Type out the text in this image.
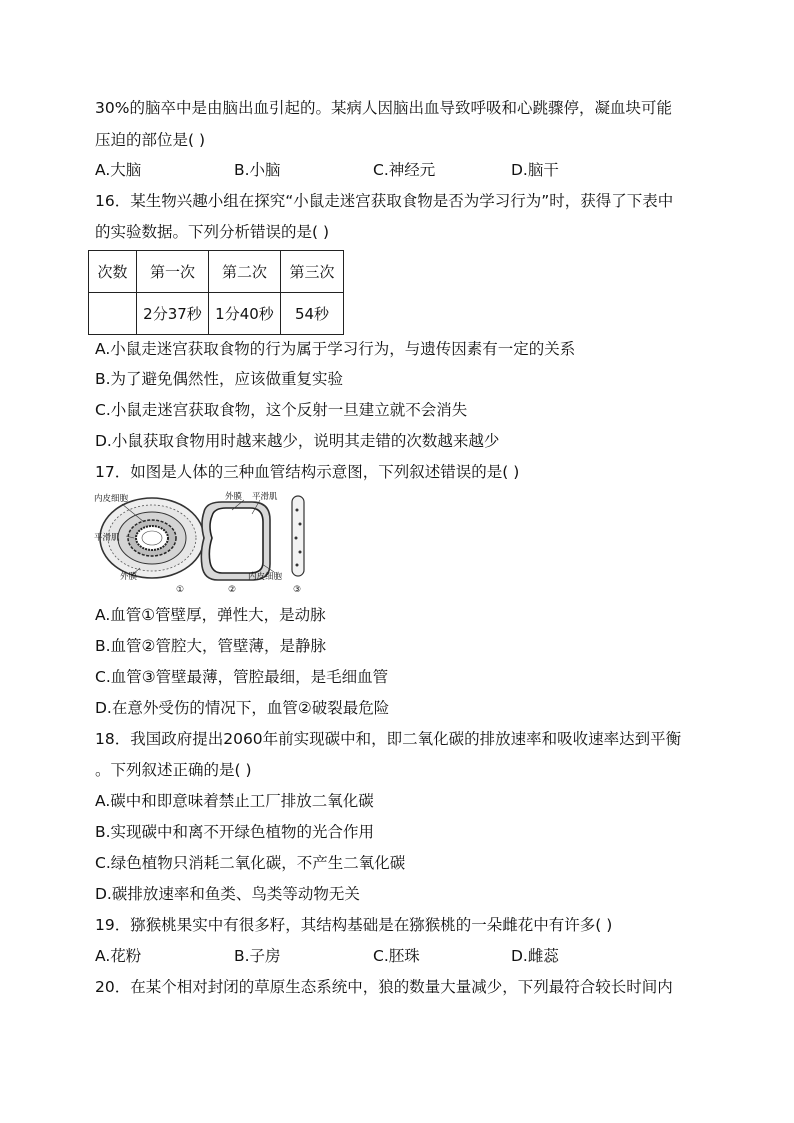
30%的脑卒中是由脑出血引起的。某病人因脑出血导致呼吸和心跳骤停，凝血块可能
压迫的部位是( )
A.大脑	B.小脑	C.神经元	D.脑干
16．某生物兴趣小组在探究“小鼠走迷宫获取食物是否为学习行为”时，获得了下表中
的实验数据。下列分析错误的是( )
次数	第一次	第二次	第三次
	2分37秒	1分40秒	54秒
A.小鼠走迷宫获取食物的行为属于学习行为，与遗传因素有一定的关系
B.为了避免偶然性，应该做重复实验
C.小鼠走迷宫获取食物，这个反射一旦建立就不会消失
D.小鼠获取食物用时越来越少，说明其走错的次数越来越少
17．如图是人体的三种血管结构示意图，下列叙述错误的是( )
内皮细胞	外膜 平滑肌
平滑肌
外膜	内皮细胞
①	②	③
A.血管①管壁厚，弹性大，是动脉
B.血管②管腔大，管壁薄，是静脉
C.血管③管壁最薄，管腔最细，是毛细血管
D.在意外受伤的情况下，血管②破裂最危险
18．我国政府提出2060年前实现碳中和，即二氧化碳的排放速率和吸收速率达到平衡
。下列叙述正确的是( )
A.碳中和即意味着禁止工厂排放二氧化碳
B.实现碳中和离不开绿色植物的光合作用
C.绿色植物只消耗二氧化碳，不产生二氧化碳
D.碳排放速率和鱼类、鸟类等动物无关
19．猕猴桃果实中有很多籽，其结构基础是在猕猴桃的一朵雌花中有许多( )
A.花粉	B.子房	C.胚珠	D.雌蕊
20．在某个相对封闭的草原生态系统中，狼的数量大量减少，下列最符合较长时间内
